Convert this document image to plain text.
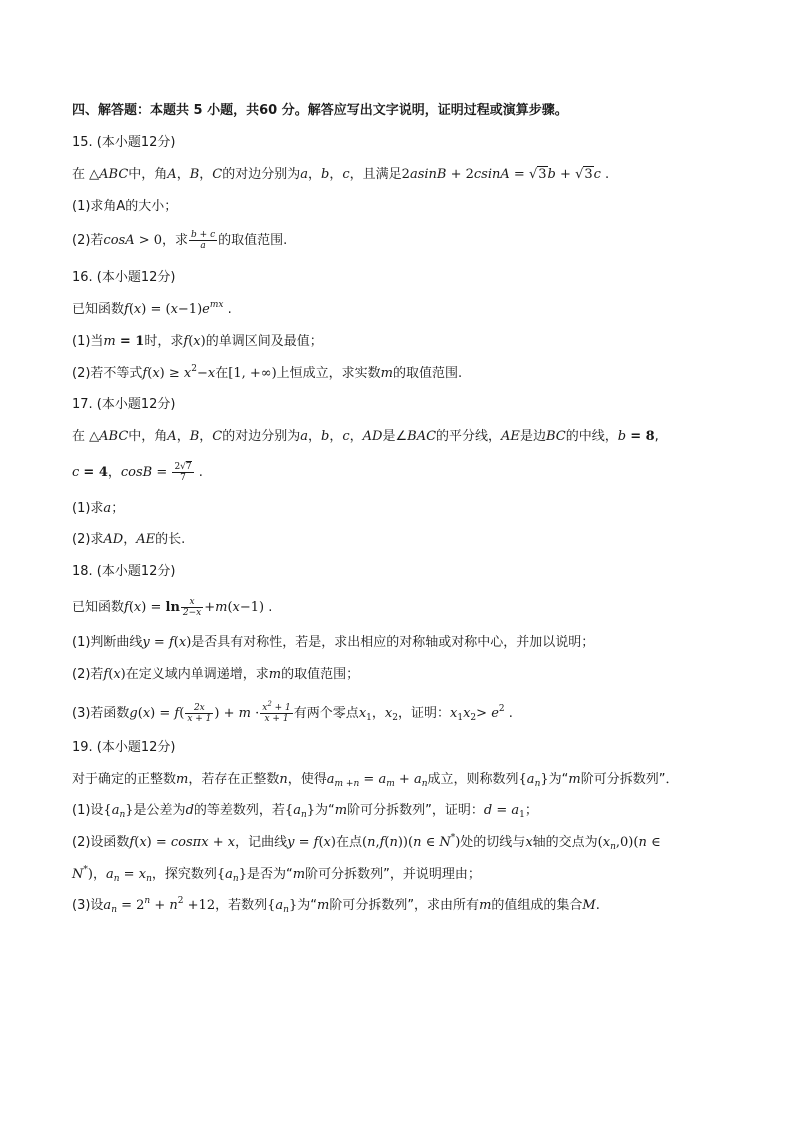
四、解答题：本题共 5 小题，共60 分。解答应写出文字说明，证明过程或演算步骤。
15. (本小题12分)
在 △ABC中，角A，B，C的对边分别为a，b，c，且满足2asinB + 2csinA = √3b + √3c .
(1)求角A的大小；
(2)若cosA > 0，求 $\frac{b + c}{a}$ 的取值范围.
16. (本小题12分)
已知函数$f(x) = (x-1)e^{mx}$ .
(1)当m = 1时，求f(x)的单调区间及最值；
(2)若不等式$f(x) \ge x^2-x$在[1, +∞)上恒成立，求实数m的取值范围.
17. (本小题12分)
在 △ABC中，角A，B，C的对边分别为a，b，c，AD是∠BAC的平分线，AE是边BC的中线，b = 8,
c = 4，$\cos B = \frac{2√7}{7}$ .
(1)求a；
(2)求AD，AE的长.
18. (本小题12分)
已知函数$f(x) = \ln \frac{x}{2-x} +m(x-1)$ .
(1)判断曲线y = f(x)是否具有对称性，若是，求出相应的对称轴或对称中心，并加以说明；
(2)若f(x)在定义域内单调递增，求m的取值范围；
(3)若函数$g(x) = f( \frac{2x}{x + 1}$ ) + $m \cdot \frac{x^2 + 1}{x + 1}$ 有两个零点$x_1$，$x_2$，证明：$x_1x_2> e^2$ .
19. (本小题12分)
对于确定的正整数m，若存在正整数n，使得$a_{m +n} = a_m + a_n$成立，则称数列$\{a_n\}$为“m阶可分拆数列”．
(1)设$\{a_n\}$是公差为d的等差数列，若$\{a_n\}$为“m阶可分拆数列”，证明：$d = a_1$；
(2)设函数f(x) = cosπx + x，记曲线y = f(x)在点(n,f(n))(n ∈ N*)处的切线与x轴的交点为$(x_n,0)(n$ ∈
N*)，$a_n = x_n$，探究数列$\{a_n\}$是否为“m阶可分拆数列”，并说明理由；
(3)设$a_n = 2^n + n^2 +12$，若数列$\{a_n\}$为“m阶可分拆数列”，求由所有m的值组成的集合M.
